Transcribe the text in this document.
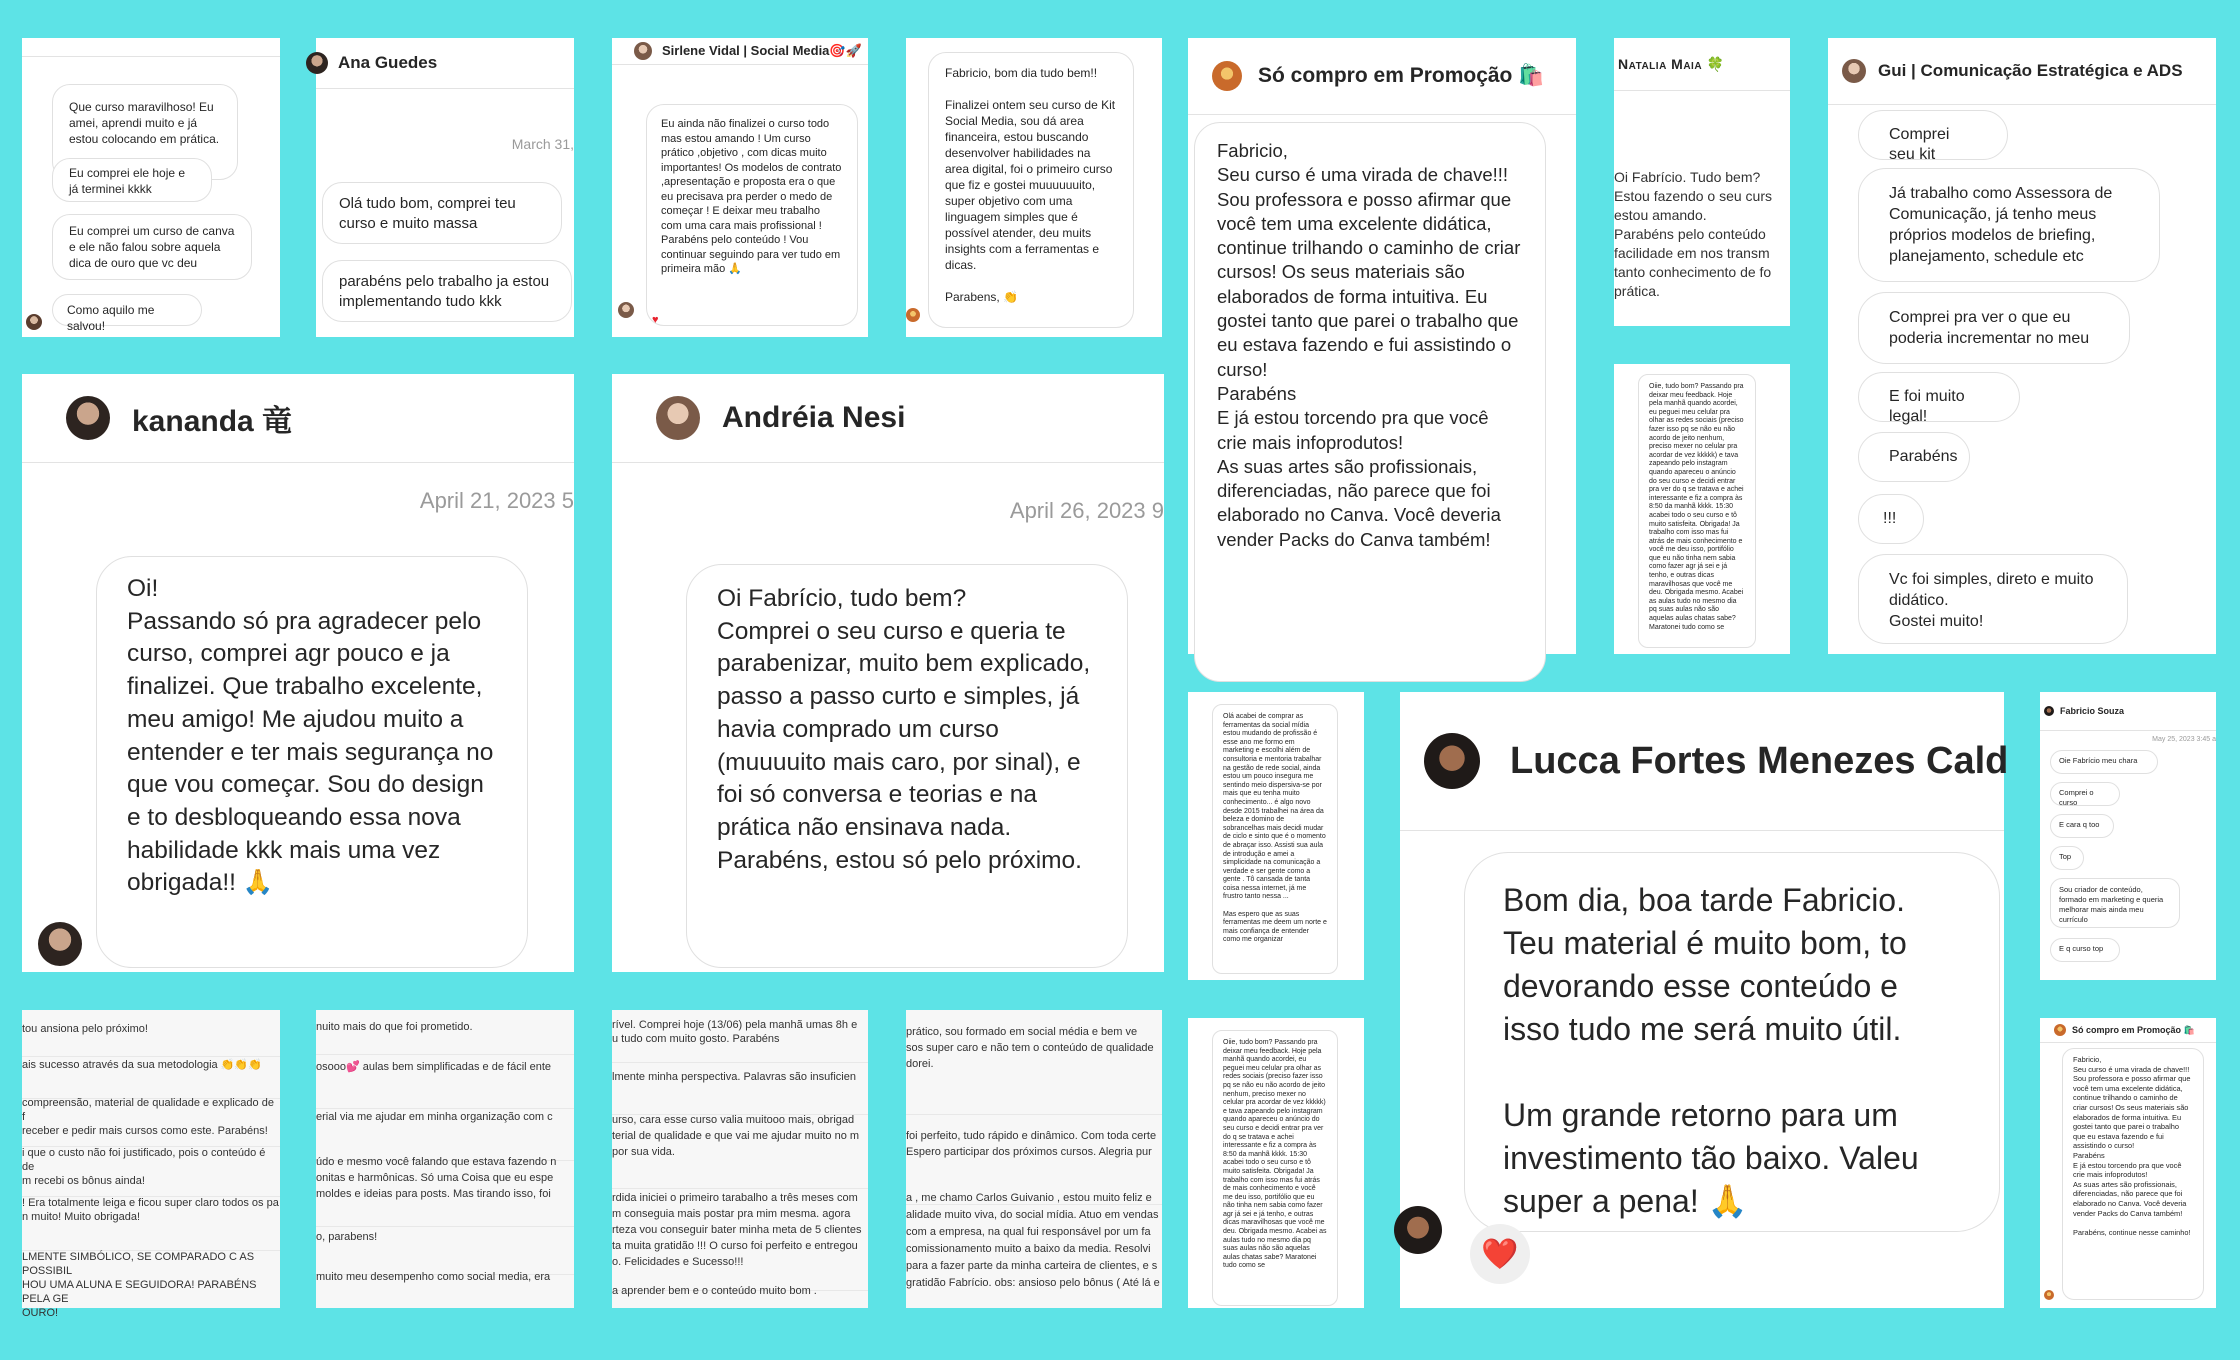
Que curso maravilhoso! Eu amei, aprendi muito e já estou colocando em prática.
Eu comprei ele hoje e já terminei kkkk
Eu comprei um curso de canva e ele não falou sobre aquela dica de ouro que vc deu
Como aquilo me salvou!
Ana Guedes
March 31,
Olá tudo bom, comprei teu curso e muito massa
parabéns pelo trabalho ja estou implementando tudo kkk
Sirlene Vidal | Social Media🎯🚀
Eu ainda não finalizei o curso todo mas estou amando ! Um curso prático ,objetivo , com dicas muito importantes! Os modelos de contrato ,apresentação e proposta era o que eu precisava pra perder o medo de começar ! E deixar meu trabalho com uma cara mais profissional ! Parabéns pelo conteúdo ! Vou continuar seguindo para ver tudo em primeira mão 🙏
♥
Fabricio, bom dia tudo bem!!

Finalizei ontem seu curso de Kit Social Media, sou dá area financeira, estou buscando desenvolver habilidades na area digital, foi o primeiro curso que fiz e gostei muuuuuuito, super objetivo com uma linguagem simples que é possível atender, deu muits insights com a ferramentas e dicas.

Parabens, 👏
Só compro em Promoção 🛍️
Fabricio,
Seu curso é uma virada de chave!!! Sou professora e posso afirmar que você tem uma excelente didática, continue trilhando o caminho de criar cursos! Os seus materiais são elaborados de forma intuitiva. Eu gostei tanto que parei o trabalho que eu estava fazendo e fui assistindo o curso!
Parabéns
E já estou torcendo pra que você crie mais infoprodutos!
As suas artes são profissionais, diferenciadas, não parece que foi elaborado no Canva. Você deveria vender Packs do Canva também!
Natalia Maia 🍀
Oi Fabrício. Tudo bem?
Estou fazendo o seu curs
estou amando.
Parabéns pelo conteúdo
facilidade em nos transm
tanto conhecimento de fo
prática.
Gui | Comunicação Estratégica e ADS
Comprei seu kit
Já trabalho como Assessora de Comunicação, já tenho meus próprios modelos de briefing, planejamento, schedule etc
Comprei pra ver o que eu poderia incrementar no meu
E foi muito legal!
Parabéns
!!!
Vc foi simples, direto e muito didático.
Gostei muito!
kananda 竜
April 21, 2023 5
Oi!
Passando só pra agradecer pelo curso, comprei agr pouco e ja finalizei. Que trabalho excelente, meu amigo! Me ajudou muito a entender e ter mais segurança no que vou começar. Sou do design e to desbloqueando essa nova habilidade kkk mais uma vez obrigada!! 🙏
Andréia Nesi
April 26, 2023 9
Oi Fabrício, tudo bem?
Comprei o seu curso e queria te parabenizar, muito bem explicado, passo a passo curto e simples, já havia comprado um curso (muuuuito mais caro, por sinal), e foi só conversa e teorias e na prática não ensinava nada.
Parabéns, estou só pelo próximo.
Oiie, tudo bom? Passando pra deixar meu feedback. Hoje pela manhã quando acordei, eu peguei meu celular pra olhar as redes sociais (preciso fazer isso pq se não eu não acordo de jeito nenhum, preciso mexer no celular pra acordar de vez kkkkk) e tava zapeando pelo instagram quando apareceu o anúncio do seu curso e decidi entrar pra ver do q se tratava e achei interessante e fiz a compra às 8:50 da manhã kkkk. 15:30 acabei todo o seu curso e tô muito satisfeita. Obrigada! Ja trabalho com isso mas fui atrás de mais conhecimento e você me deu isso, portifólio que eu não tinha nem sabia como fazer agr já sei e já tenho, e outras dicas maravilhosas que você me deu. Obrigada mesmo. Acabei as aulas tudo no mesmo dia pq suas aulas não são aquelas aulas chatas sabe? Maratonei tudo como se
Olá acabei de comprar as ferramentas da social mídia estou mudando de profissão é esse ano me formo em marketing e escolhi além de consultoria e mentoria trabalhar na gestão de rede social, ainda estou um pouco insegura me sentindo meio dispersiva-se por mais que eu tenha muito conhecimento... é algo novo desde 2015 trabalhei na área da beleza e domino de sobrancelhas mais decidi mudar de ciclo e sinto que é o momento de abraçar isso. Assisti sua aula de introdução e amei a simplicidade na comunicação a verdade e ser gente como a gente . Tô cansada de tanta coisa nessa internet, já me frustro tanto nessa ...

Mas espero que as suas ferramentas me deem um norte e mais confiança de entender como me organizar
Lucca Fortes Menezes Cald
Bom dia, boa tarde Fabricio. Teu material é muito bom, to devorando esse conteúdo e isso tudo me será muito útil.

Um grande retorno para um investimento tão baixo. Valeu super a pena! 🙏
❤️
Fabricio Souza
May 25, 2023 3:45 a
Oie Fabrício meu chara
Comprei o curso
E cara q too
Top
Sou criador de conteúdo, formado em marketing e queria melhorar mais ainda meu currículo
E q curso top
Só compro em Promoção 🛍️
Fabricio,
Seu curso é uma virada de chave!!! Sou professora e posso afirmar que você tem uma excelente didática, continue trilhando o caminho de criar cursos! Os seus materiais são elaborados de forma intuitiva. Eu gostei tanto que parei o trabalho que eu estava fazendo e fui assistindo o curso!
Parabéns
E já estou torcendo pra que você crie mais infoprodutos!
As suas artes são profissionais, diferenciadas, não parece que foi elaborado no Canva. Você deveria vender Packs do Canva também!

Parabéns, continue nesse caminho!
Oiie, tudo bom? Passando pra deixar meu feedback. Hoje pela manhã quando acordei, eu peguei meu celular pra olhar as redes sociais (preciso fazer isso pq se não eu não acordo de jeito nenhum, preciso mexer no celular pra acordar de vez kkkkk) e tava zapeando pelo instagram quando apareceu o anúncio do seu curso e decidi entrar pra ver do q se tratava e achei interessante e fiz a compra às 8:50 da manhã kkkk. 15:30 acabei todo o seu curso e tô muito satisfeita. Obrigada! Ja trabalho com isso mas fui atrás de mais conhecimento e você me deu isso, portifólio que eu não tinha nem sabia como fazer agr já sei e já tenho, e outras dicas maravilhosas que você me deu. Obrigada mesmo. Acabei as aulas tudo no mesmo dia pq suas aulas não são aquelas aulas chatas sabe? Maratonei tudo como se
tou ansiona pelo próximo!
ais sucesso através da sua metodologia 👏👏👏
compreensão, material de qualidade e explicado de f
receber e pedir mais cursos como este. Parabéns!
i que o custo não foi justificado, pois o conteúdo é de
m recebi os bônus ainda!
! Era totalmente leiga e ficou super claro todos os pa
n muito! Muito obrigada!
LMENTE SIMBÓLICO, SE COMPARADO C AS POSSIBIL
HOU UMA ALUNA E SEGUIDORA! PARABÉNS PELA GE
OURO!
nuito mais do que foi prometido.
osooo💕 aulas bem simplificadas e de fácil ente
erial via me ajudar em minha organização com c
údo e mesmo você falando que estava fazendo n
onitas e harmônicas. Só uma Coisa que eu espe
moldes e ideias para posts. Mas tirando isso, foi
o, parabens!
muito meu desempenho como social media, era
rível. Comprei hoje (13/06) pela manhã umas 8h e
u tudo com muito gosto. Parabéns
lmente minha perspectiva. Palavras são insuficien
urso, cara esse curso valia muitooo mais, obrigad
terial de qualidade e que vai me ajudar muito no m
por sua vida.
rdida iniciei o primeiro tarabalho a três meses com
m conseguia mais postar pra mim mesma. agora
rteza vou conseguir bater minha meta de 5 clientes
ta muita gratidão !!! O curso foi perfeito e entregou
o. Felicidades e Sucesso!!!
a aprender bem e o conteúdo muito bom .
prático, sou formado em social média e bem ve
sos super caro e não tem o conteúdo de qualidade
dorei.
foi perfeito, tudo rápido e dinâmico. Com toda certe
Espero participar dos próximos cursos. Alegria pur
a , me chamo Carlos Guivanio , estou muito feliz e
alidade muito viva, do social mídia. Atuo em vendas
com a empresa, na qual fui responsável por um fa
comissionamento muito a baixo da media. Resolvi
para a fazer parte da minha carteira de clientes, e s
gratidão Fabrício. obs: ansioso pelo bônus ( Até lá e
